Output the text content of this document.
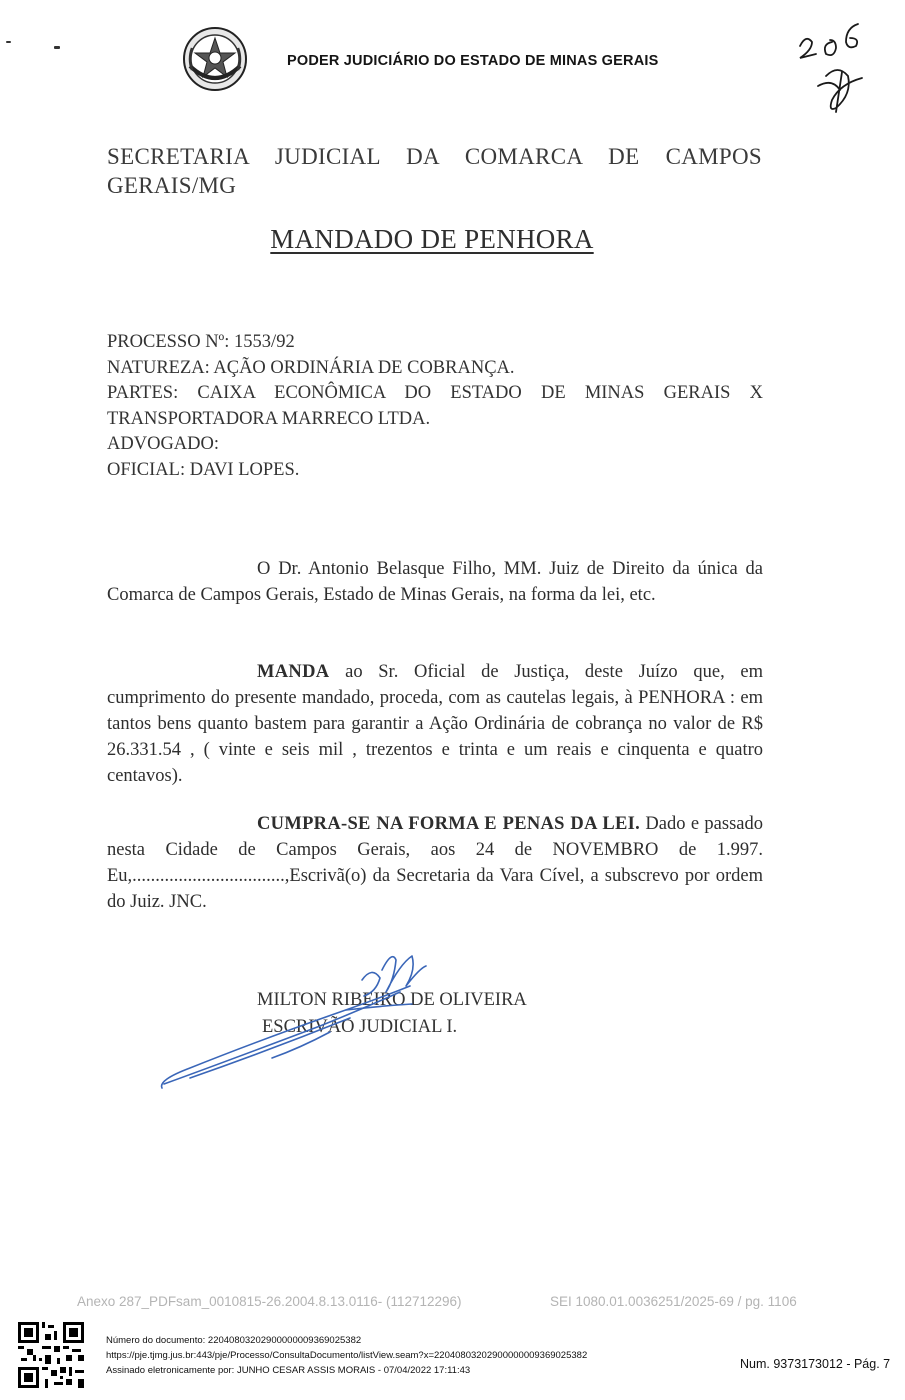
PODER JUDICIÁRIO DO ESTADO DE MINAS GERAIS
SECRETARIA JUDICIAL DA COMARCA DE CAMPOS GERAIS/MG
MANDADO DE PENHORA
PROCESSO Nº: 1553/92
NATUREZA: AÇÃO ORDINÁRIA DE COBRANÇA.
PARTES: CAIXA ECONÔMICA DO ESTADO DE MINAS GERAIS X
TRANSPORTADORA MARRECO LTDA.
ADVOGADO:
OFICIAL: DAVI LOPES.
O Dr. Antonio Belasque Filho, MM. Juiz de Direito da única da Comarca de Campos Gerais, Estado de Minas Gerais, na forma da lei, etc.
MANDA ao Sr. Oficial de Justiça, deste Juízo que, em cumprimento do presente mandado, proceda, com as cautelas legais, à PENHORA : em tantos bens quanto bastem para garantir a Ação Ordinária de cobrança no valor de R$ 26.331.54 , ( vinte e seis mil , trezentos e trinta e um reais e cinquenta e quatro centavos).
CUMPRA-SE NA FORMA E PENAS DA LEI. Dado e passado nesta Cidade de Campos Gerais, aos 24 de NOVEMBRO de 1.997. Eu,.................................,Escrivã(o) da Secretaria da Vara Cível, a subscrevo por ordem do Juiz. JNC.
MILTON RIBEIRO DE OLIVEIRA
ESCRIVÃO JUDICIAL I.
Anexo 287_PDFsam_0010815-26.2004.8.13.0116- (112712296)	SEI 1080.01.0036251/2025-69 / pg. 1106
Número do documento: 22040803202900000009369025382
https://pje.tjmg.jus.br:443/pje/Processo/ConsultaDocumento/listView.seam?x=22040803202900000009369025382
Assinado eletronicamente por: JUNHO CESAR ASSIS MORAIS - 07/04/2022 17:11:43	Num. 9373173012 - Pág. 7
